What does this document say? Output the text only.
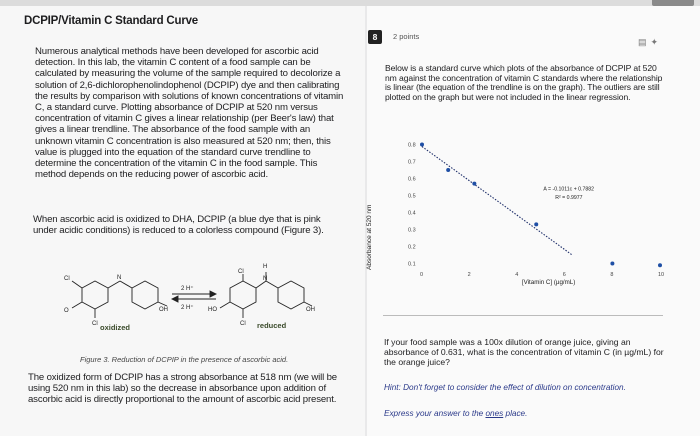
DCPIP/Vitamin C Standard Curve
Numerous analytical methods have been developed for ascorbic acid detection. In this lab, the vitamin C content of a food sample can be calculated by measuring the volume of the sample required to decolorize a solution of 2,6-dichlorophenolindophenol (DCPIP) dye and then calibrating the results by comparison with solutions of known concentrations of vitamin C, a standard curve. Plotting absorbance of DCPIP at 520 nm versus concentration of vitamin C gives a linear relationship (per Beer's law) that gives a linear trendline. The absorbance of the food sample with an unknown vitamin C concentration is also measured at 520 nm; then, this value is plugged into the equation of the standard curve trendline to determine the concentration of the vitamin C in the food sample. This method depends on the reducing power of ascorbic acid.
When ascorbic acid is oxidized to DHA, DCPIP (a blue dye that is pink under acidic conditions) is reduced to a colorless compound (Figure 3).
Cl
O
Cl
N
OH
2 H⁺
2 H⁺ HO
Cl
Cl
H
N
OH
oxidized	reduced
Figure 3. Reduction of DCPIP in the presence of ascorbic acid.
The oxidized form of DCPIP has a strong absorbance at 518 nm (we will be using 520 nm in this lab) so the decrease in absorbance upon addition of ascorbic acid is directly proportional to the amount of ascorbic acid present.
8	2 points
▤ ✦
Below is a standard curve which plots of the absorbance of DCPIP at 520 nm against the concentration of vitamin C standards where the relationship is linear (the equation of the trendline is on the graph). The outliers are still plotted on the graph but were not included in the linear regression.
0.1
0.2
0.3
0.4
0.5
0.6
0.7
0.8
0	2	4	6	8	10
Absorbance at 520 nm
[Vitamin C] (µg/mL)
A = -0.1011c + 0.7882
R² = 0.9977
If your food sample was a 100x dilution of orange juice, giving an absorbance of 0.631, what is the concentration of vitamin C (in µg/mL) for the orange juice?
Hint: Don't forget to consider the effect of dilution on concentration.
Express your answer to the ones place.
